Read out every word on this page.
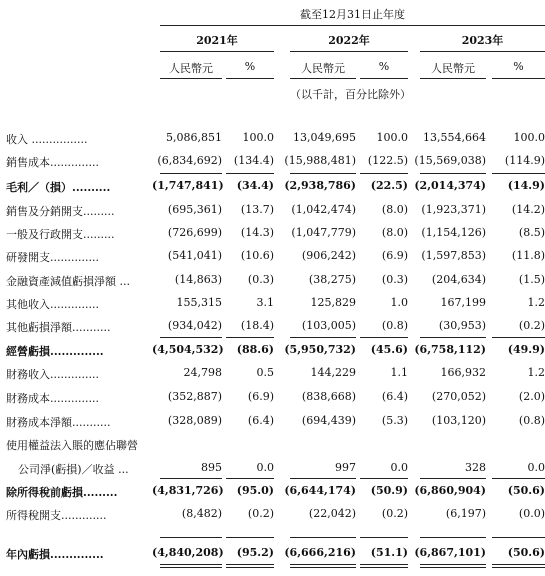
截至12月31日止年度
2021年	2022年	2023年
人民幣元	%	人民幣元	%	人民幣元	%
（以千計，百分比除外）
收入 ................	5,086,851	100.0	13,049,695	100.0	13,554,664	100.0
銷售成本..............	(6,834,692)	(134.4) (15,988,481)	(122.5) (15,569,038)	(114.9)
毛利／（損）..........	(1,747,841)	(34.4) (2,938,786)	(22.5) (2,014,374)	(14.9)
銷售及分銷開支.........	(695,361)	(13.7)	(1,042,474)	(8.0)	(1,923,371)	(14.2)
一般及行政開支.........	(726,699)	(14.3)	(1,047,779)	(8.0)	(1,154,126)	(8.5)
研發開支..............	(541,041)	(10.6)	(906,242)	(6.9)	(1,597,853)	(11.8)
金融資產減值虧損淨額 ...	(14,863)	(0.3)	(38,275)	(0.3)	(204,634)	(1.5)
其他收入..............	155,315	3.1	125,829	1.0	167,199	1.2
其他虧損淨額...........	(934,042)	(18.4)	(103,005)	(0.8)	(30,953)	(0.2)
經營虧損..............	(4,504,532)	(88.6) (5,950,732)	(45.6) (6,758,112)	(49.9)
財務收入..............	24,798	0.5	144,229	1.1	166,932	1.2
財務成本..............	(352,887)	(6.9)	(838,668)	(6.4)	(270,052)	(2.0)
財務成本淨額...........	(328,089)	(6.4)	(694,439)	(5.3)	(103,120)	(0.8)
使用權益法入賬的應佔聯營
公司淨(虧損)／收益 ...	895	0.0	997	0.0	328	0.0
除所得稅前虧損.........	(4,831,726)	(95.0) (6,644,174)	(50.9) (6,860,904)	(50.6)
所得稅開支.............	(8,482)	(0.2)	(22,042)	(0.2)	(6,197)	(0.0)
年內虧損..............	(4,840,208)	(95.2) (6,666,216)	(51.1) (6,867,101)	(50.6)
